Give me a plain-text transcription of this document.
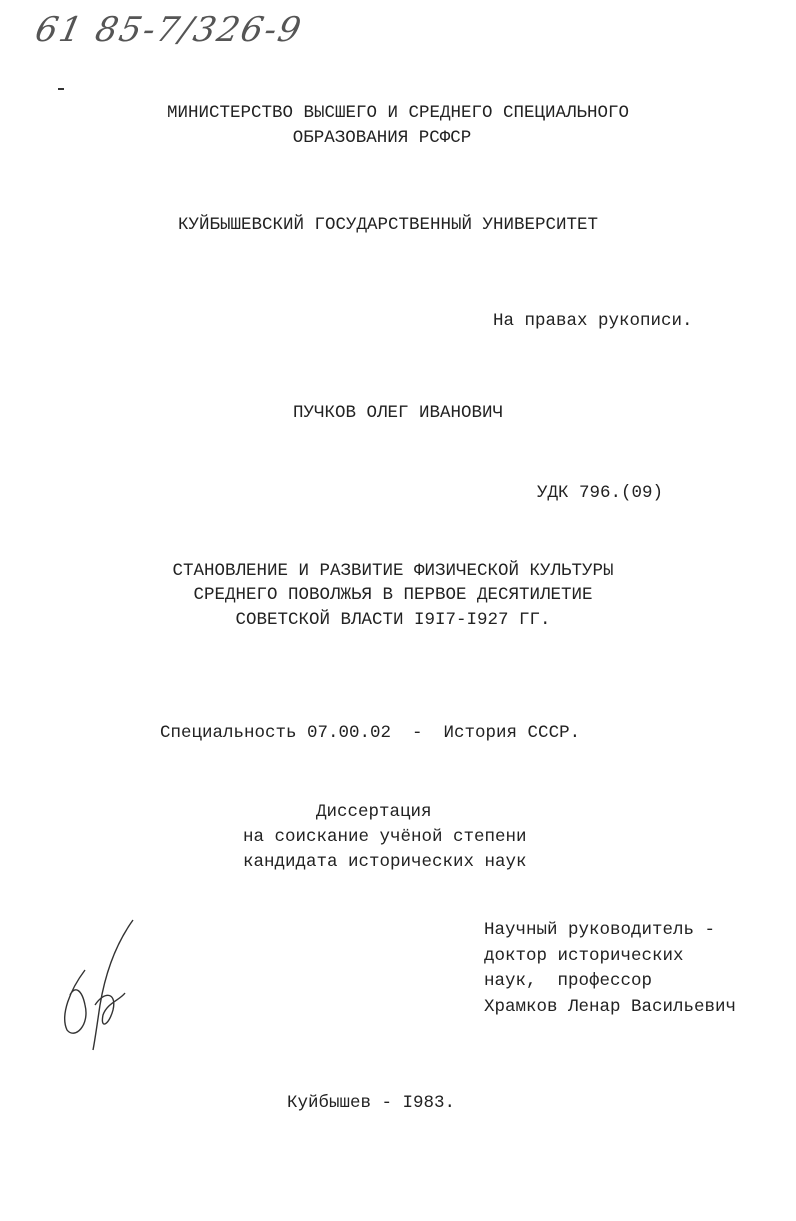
61 85-7/326-9
МИНИСТЕРСТВО ВЫСШЕГО И СРЕДНЕГО СПЕЦИАЛЬНОГО
ОБРАЗОВАНИЯ РСФСР
КУЙБЫШЕВСКИЙ ГОСУДАРСТВЕННЫЙ УНИВЕРСИТЕТ
На правах рукописи.
ПУЧКОВ ОЛЕГ ИВАНОВИЧ
УДК 796.(09)
СТАНОВЛЕНИЕ И РАЗВИТИЕ ФИЗИЧЕСКОЙ КУЛЬТУРЫ
СРЕДНЕГО ПОВОЛЖЬЯ В ПЕРВОЕ ДЕСЯТИЛЕТИЕ
СОВЕТСКОЙ ВЛАСТИ I9I7-I927 ГГ.
Специальность 07.00.02  -  История СССР.
Диссертация
на соискание учёной степени
кандидата исторических наук
Научный руководитель -
доктор исторических
наук,  профессор
Храмков Ленар Васильевич
Куйбышев - I983.
